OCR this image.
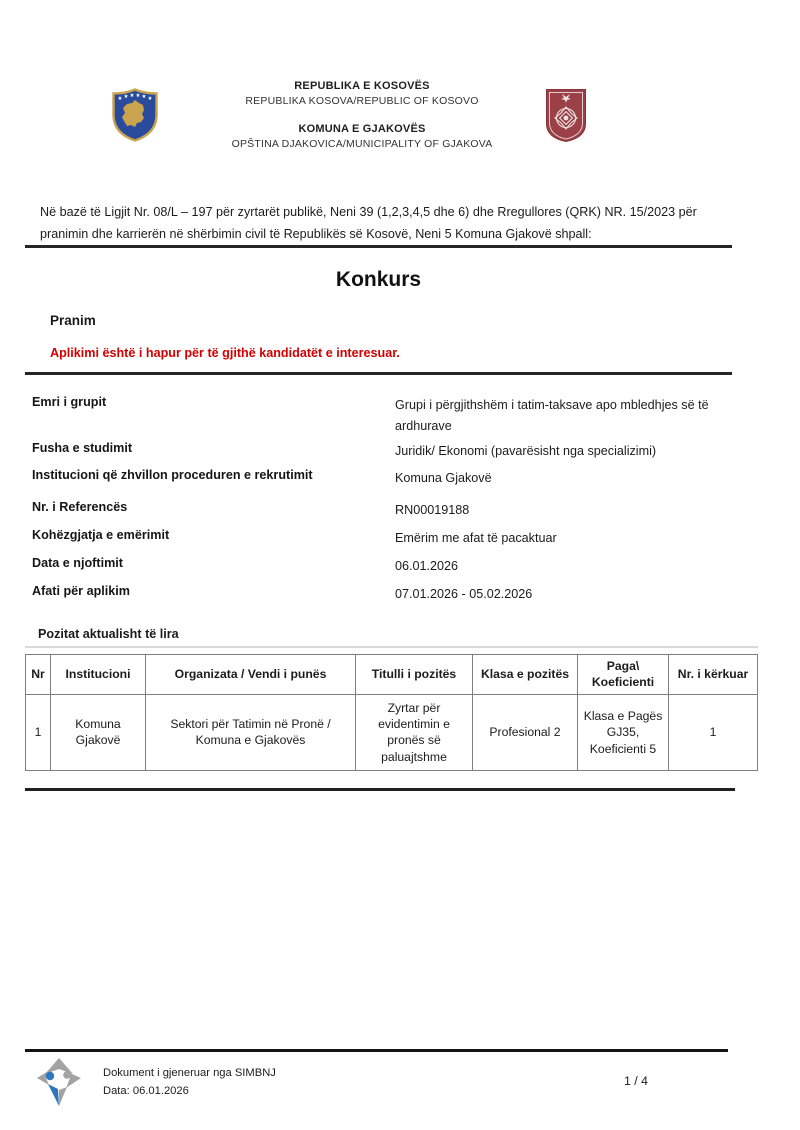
★ ★ ★ ★ ★ ★
REPUBLIKA E KOSOVËS
REPUBLIKA KOSOVA/REPUBLIC OF KOSOVO
KOMUNA E GJAKOVËS
OPŠTINA DJAKOVICA/MUNICIPALITY OF GJAKOVA
Në bazë të Ligjit Nr. 08/L – 197 për zyrtarët publikë, Neni 39 (1,2,3,4,5 dhe 6) dhe Rregullores (QRK) NR. 15/2023 për pranimin dhe karrierën në shërbimin civil të Republikës së Kosovë, Neni 5 Komuna Gjakovë shpall:
Konkurs
Pranim
Aplikimi është i hapur për të gjithë kandidatët e interesuar.
Emri i grupit	Grupi i përgjithshëm i tatim-taksave apo mbledhjes së të ardhurave
Fusha e studimit	Juridik/ Ekonomi (pavarësisht nga specializimi)
Institucioni që zhvillon proceduren e rekrutimit	Komuna Gjakovë
Nr. i Referencës	RN00019188
Kohëzgjatja e emërimit	Emërim me afat të pacaktuar
Data e njoftimit	06.01.2026
Afati për aplikim	07.01.2026 - 05.02.2026
Pozitat aktualisht të lira
Nr	Institucioni	Organizata / Vendi i punës	Titulli i pozitës	Klasa e pozitës	Paga\ Koeficienti	Nr. i kërkuar
1	Komuna Gjakovë	Sektori për Tatimin në Pronë / Komuna e Gjakovës	Zyrtar për evidentimin e pronës së paluajtshme	Profesional 2	Klasa e Pagës GJ35, Koeficienti 5	1
Dokument i gjeneruar nga SIMBNJ
Data: 06.01.2026
1 / 4
